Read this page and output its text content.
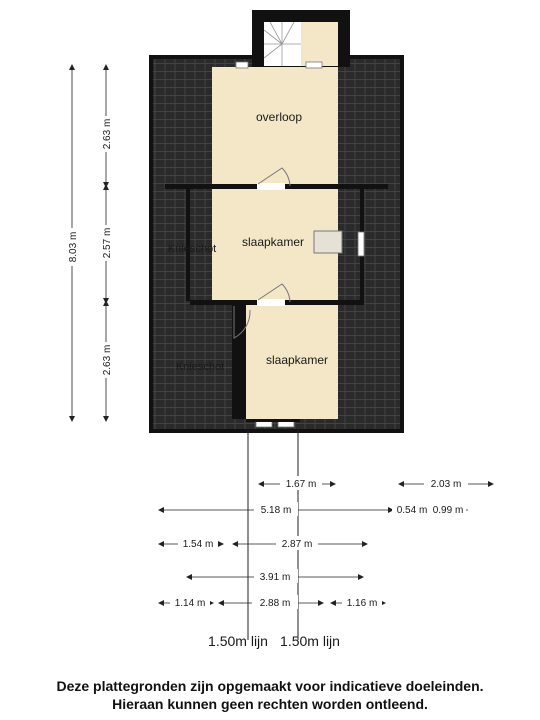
overloop
slaapkamer
slaapkamer
Knieschot
Knieschot
8.03 m
2.63 m
2.57 m
2.63 m
1.67 m	2.03 m
5.18 m	0.54 m 0.99 m
1.54 m	2.87 m
3.91 m
1.14 m	2.88 m	1.16 m
1.50m lijn 1.50m lijn
Deze plattegronden zijn opgemaakt voor indicatieve doeleinden.
Hieraan kunnen geen rechten worden ontleend.
